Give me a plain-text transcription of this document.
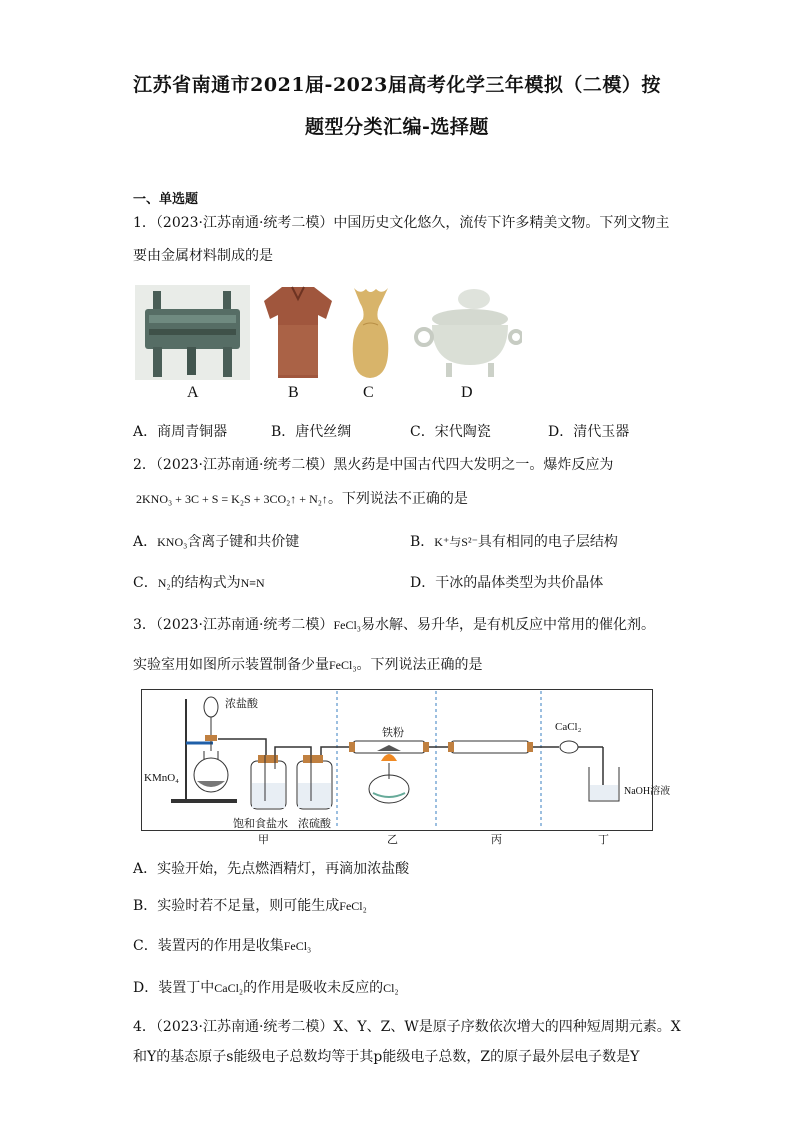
江苏省南通市2021届-2023届高考化学三年模拟（二模）按
题型分类汇编-选择题
一、单选题
1．（2023·江苏南通·统考二模）中国历史文化悠久，流传下许多精美文物。下列文物主
要由金属材料制成的是
A	B	C	D
A．商周青铜器	B．唐代丝绸	C．宋代陶瓷	D．清代玉器
2．（2023·江苏南通·统考二模）黑火药是中国古代四大发明之一。爆炸反应为
2KNO₃ + 3C + S = K₂S + 3CO₂↑ + N₂↑。下列说法不正确的是
A．KNO₃含离子键和共价键	B．K⁺与S²⁻具有相同的电子层结构
C．N₂的结构式为N≡N	D．干冰的晶体类型为共价晶体
3．（2023·江苏南通·统考二模）FeCl₃易水解、易升华，是有机反应中常用的催化剂。
实验室用如图所示装置制备少量FeCl₃。下列说法正确的是
浓盐酸
KMnO₄
铁粉	CaCl₂
NaOH溶液
饱和食盐水 浓硫酸
甲	乙	丙	丁
A．实验开始，先点燃酒精灯，再滴加浓盐酸
B．实验时若不足量，则可能生成FeCl₂
C．装置丙的作用是收集FeCl₃
D．装置丁中CaCl₂的作用是吸收未反应的Cl₂
4．（2023·江苏南通·统考二模）X、Y、Z、W是原子序数依次增大的四种短周期元素。X
和Y的基态原子s能级电子总数均等于其p能级电子总数，Z的原子最外层电子数是Y
